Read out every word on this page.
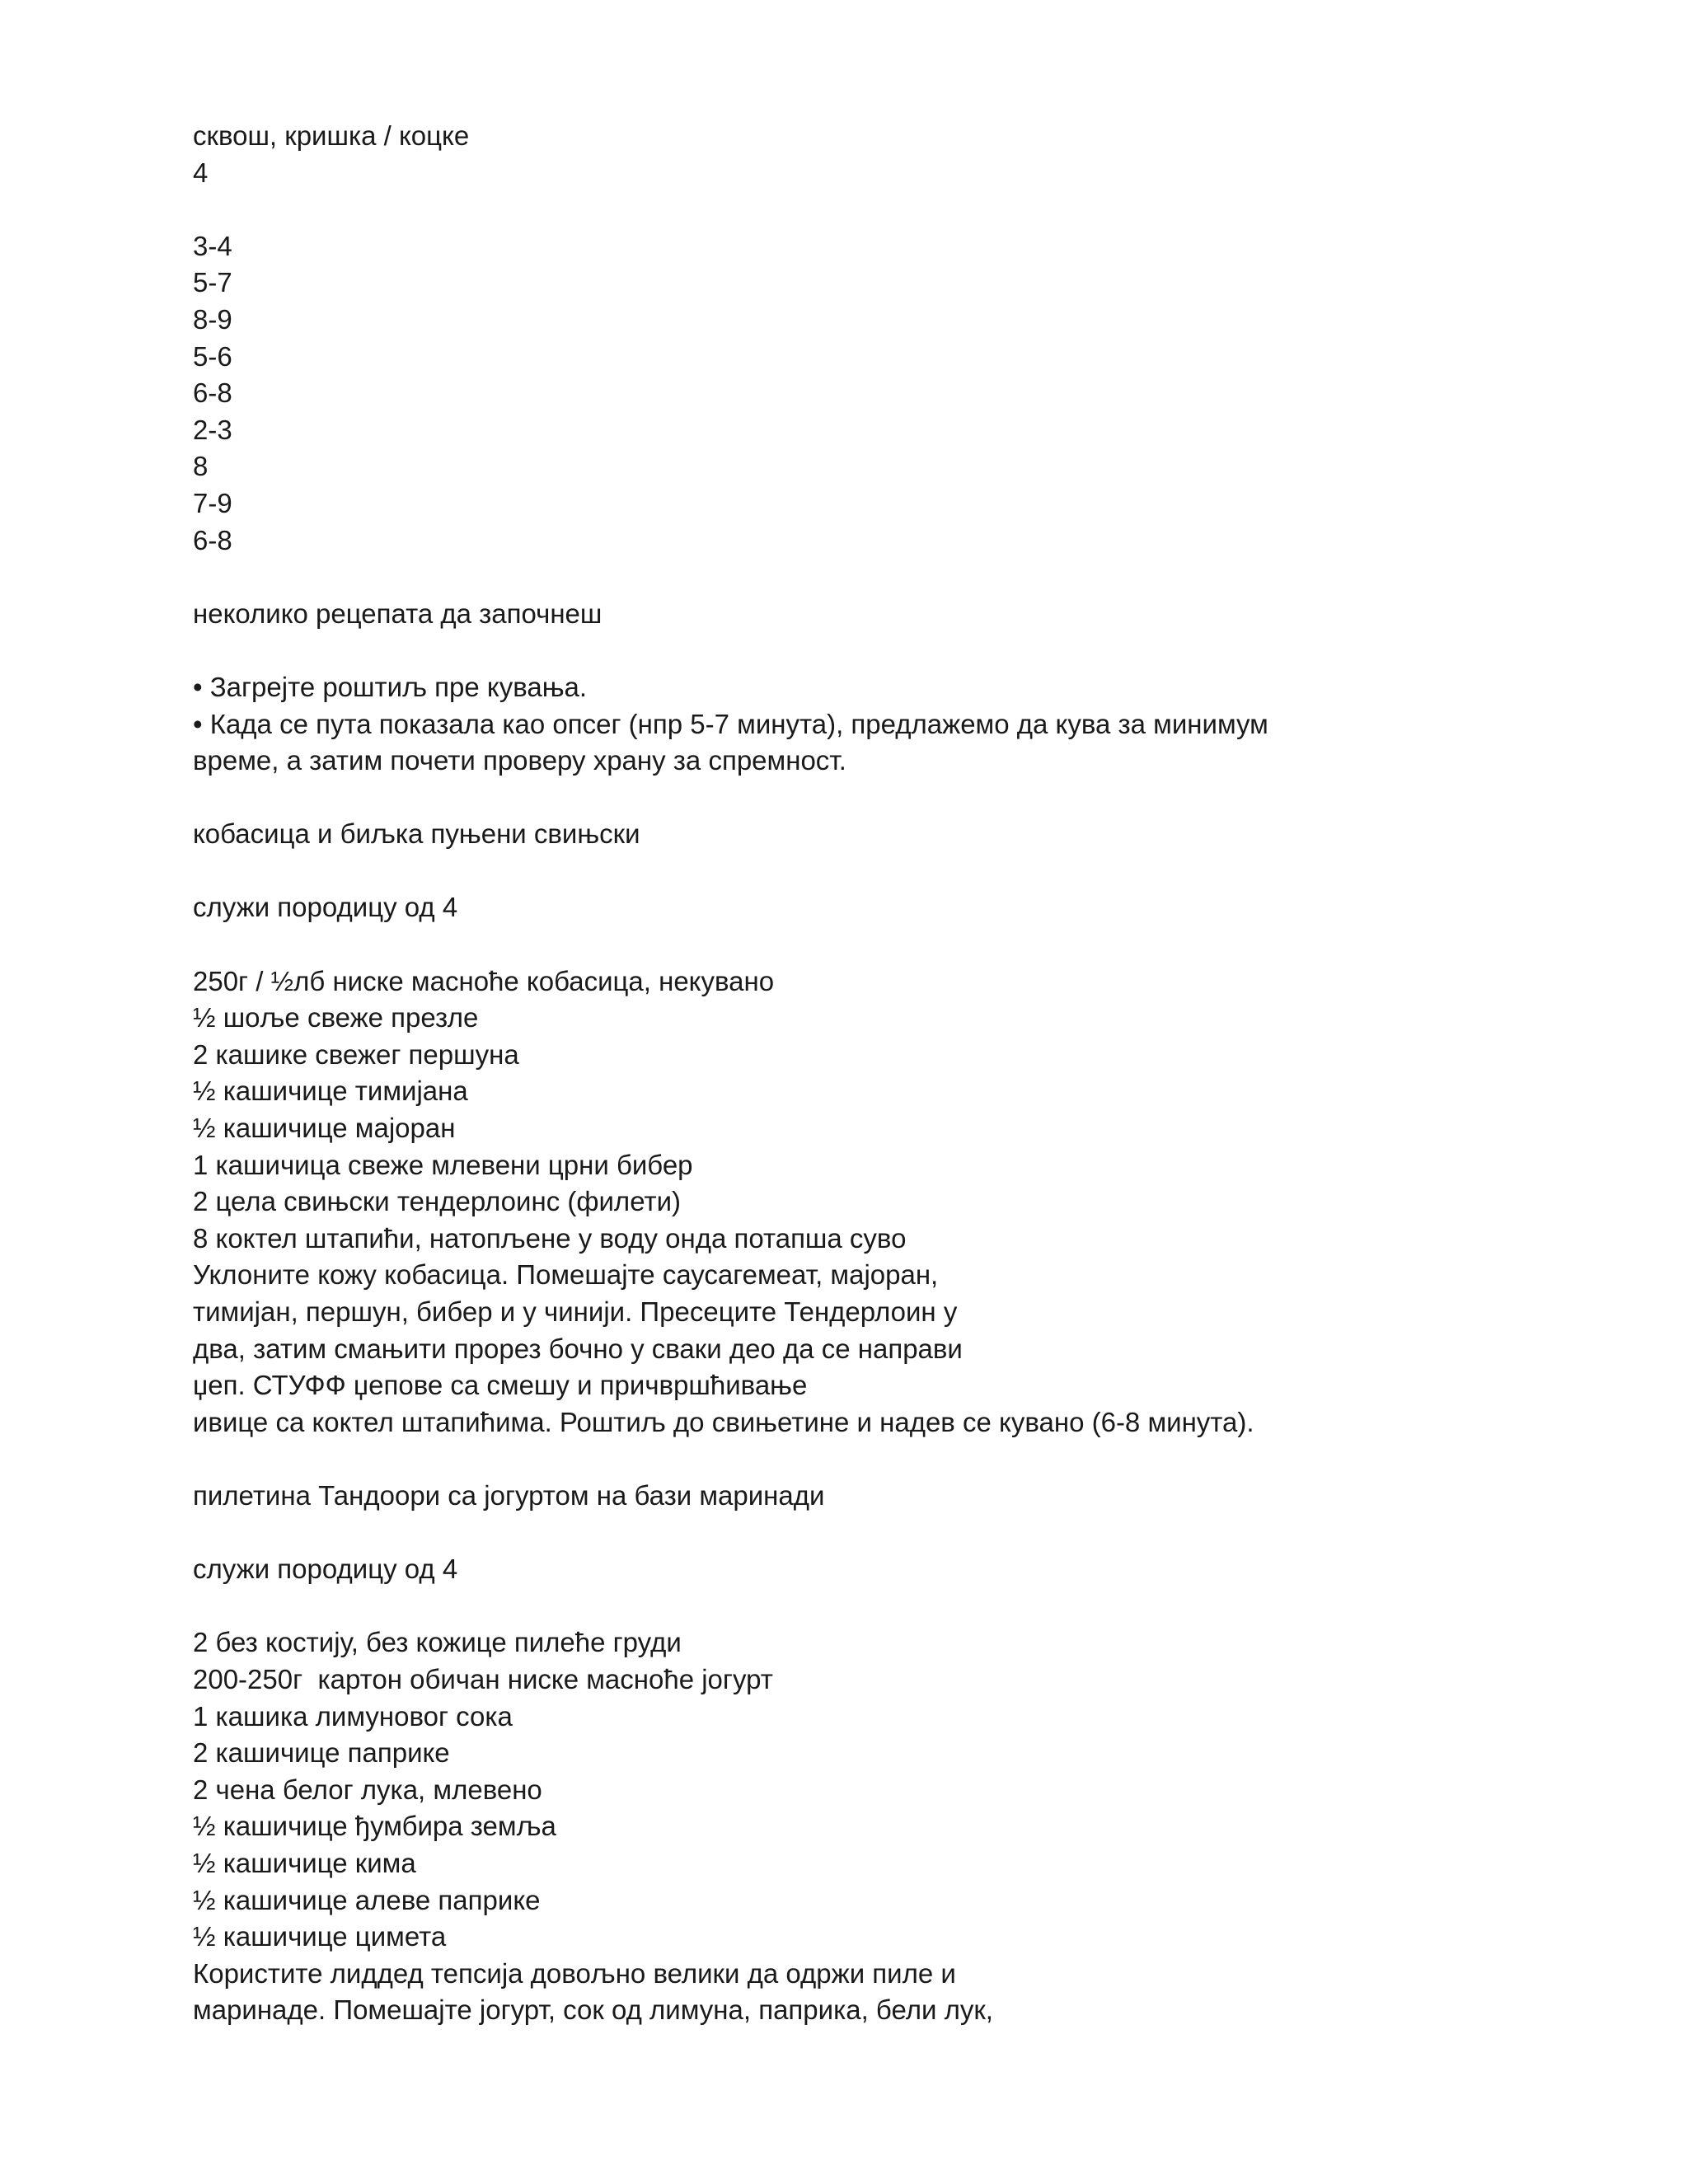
сквош, кришка / коцке
4
3-4
5-7
8-9
5-6
6-8
2-3
8
7-9
6-8
неколико рецепата да започнеш
• Загрејте роштиљ пре кувања.
• Када се пута показала као опсег (нпр 5-7 минута), предлажемо да кува за минимум
време, а затим почети проверу храну за спремност.
кобасица и биљка пуњени свињски
служи породицу од 4
250г / ½лб ниске масноће кобасица, некувано
½ шоље свеже презле
2 кашике свежег першуна
½ кашичице тимијана
½ кашичице мајоран
1 кашичица свеже млевени црни бибер
2 цела свињски тендерлоинс (филети)
8 коктел штапићи, натопљене у воду онда потапша суво
Уклоните кожу кобасица. Помешајте саусагемеат, мајоран,
тимијан, першун, бибер и у чинији. Пресеците Тендерлоин у
два, затим смањити прорез бочно у сваки део да се направи
џеп. СТУФФ џепове са смешу и причвршћивање
ивице са коктел штапићима. Роштиљ до свињетине и надев се кувано (6-8 минута).
пилетина Тандоори са јогуртом на бази маринади
служи породицу од 4
2 без костију, без кожице пилеће груди
200-250г  картон обичан ниске масноће јогурт
1 кашика лимуновог сока
2 кашичице паприке
2 чена белог лука, млевено
½ кашичице ђумбира земља
½ кашичице кима
½ кашичице алеве паприке
½ кашичице цимета
Користите лиддед тепсија довољно велики да одржи пиле и
маринаде. Помешајте јогурт, сок од лимуна, паприка, бели лук,
